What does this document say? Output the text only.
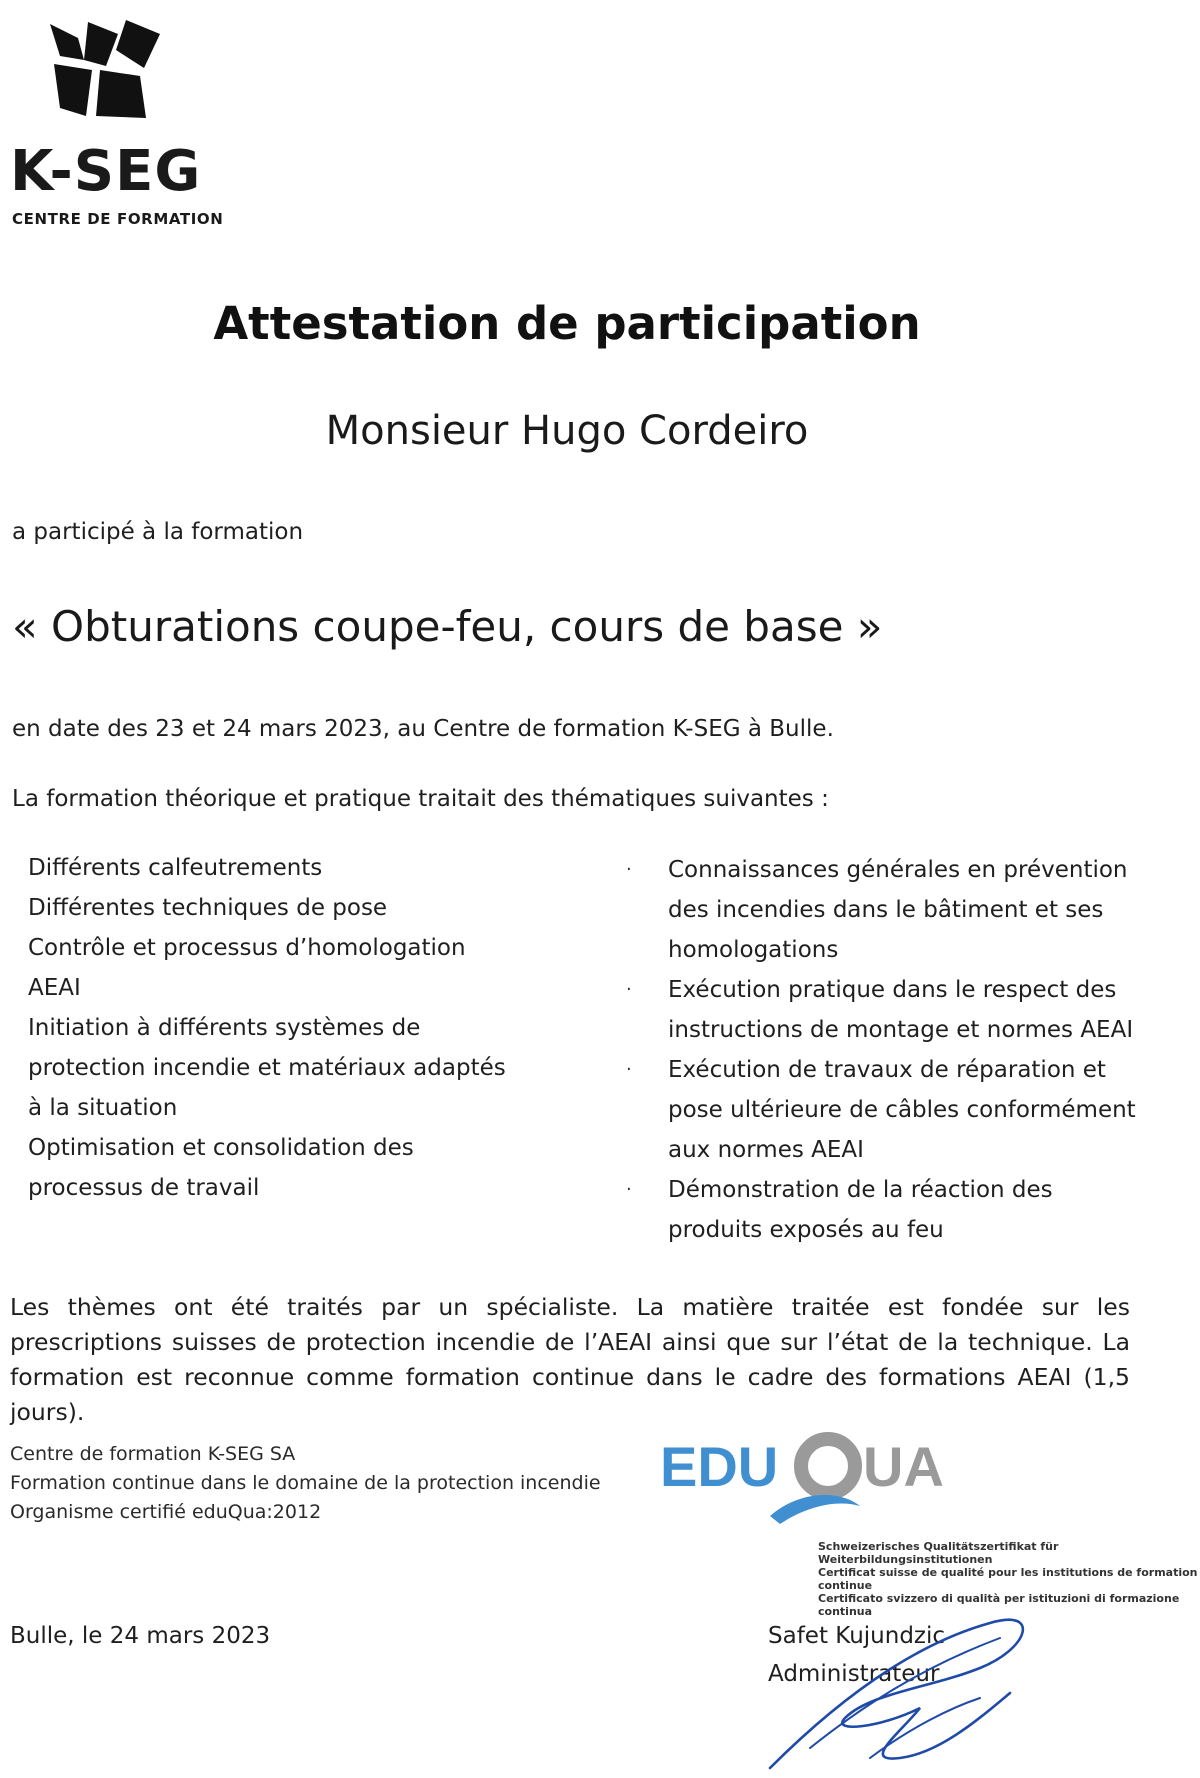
K-SEG
CENTRE DE FORMATION
Attestation de participation
Monsieur Hugo Cordeiro
a participé à la formation
« Obturations coupe-feu, cours de base »
en date des 23 et 24 mars 2023, au Centre de formation K-SEG à Bulle.
La formation théorique et pratique traitait des thématiques suivantes :
Différents calfeutrements
Différentes techniques de pose
Contrôle et processus d’homologation
AEAI
Initiation à différents systèmes de
protection incendie et matériaux adaptés
à la situation
Optimisation et consolidation des
processus de travail
· Connaissances générales en prévention
des incendies dans le bâtiment et ses
homologations
· Exécution pratique dans le respect des
instructions de montage et normes AEAI
· Exécution de travaux de réparation et
pose ultérieure de câbles conformément
aux normes AEAI
· Démonstration de la réaction des
produits exposés au feu
Les thèmes ont été traités par un spécialiste. La matière traitée est fondée sur les prescriptions suisses de protection incendie de l’AEAI ainsi que sur l’état de la technique. La formation est reconnue comme formation continue dans le cadre des formations AEAI (1,5 jours).
Centre de formation K-SEG SA
Formation continue dans le domaine de la protection incendie
Organisme certifié eduQua:2012
EDU UA
Schweizerisches Qualitätszertifikat für Weiterbildungsinstitutionen
Certificat suisse de qualité pour les institutions de formation continue
Certificato svizzero di qualità per istituzioni di formazione continua
Bulle, le 24 mars 2023	Safet Kujundzic
Administrateur
